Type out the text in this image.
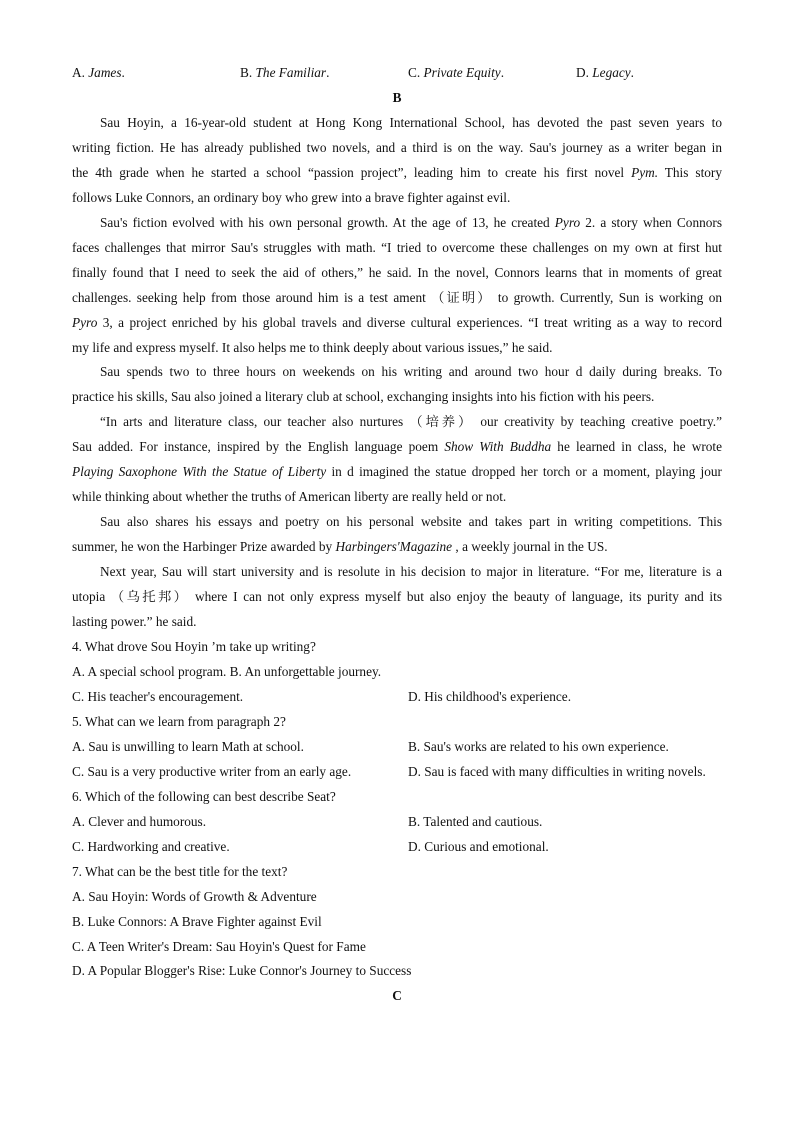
A. James.	B. The Familiar.	C. Private Equity.	D. Legacy.
B
Sau Hoyin, a 16-year-old student at Hong Kong International School, has devoted the past seven years to
writing fiction. He has already published two novels, and a third is on the way. Sau's journey as a writer began in
the 4th grade when he started a school “passion project”, leading him to create his first novel Pym. This story
follows Luke Connors, an ordinary boy who grew into a brave fighter against evil.
Sau's fiction evolved with his own personal growth. At the age of 13, he created Pyro 2. a story when Connors
faces challenges that mirror Sau's struggles with math. “I tried to overcome these challenges on my own at first hut
finally found that I need to seek the aid of others,” he said. In the novel, Connors learns that in moments of great
challenges. seeking help from those around him is a test ament （证明） to growth. Currently, Sun is working on
Pyro 3, a project enriched by his global travels and diverse cultural experiences. “I treat writing as a way to record
my life and express myself. It also helps me to think deeply about various issues,” he said.
Sau spends two to three hours on weekends on his writing and around two hour d daily during breaks. To
practice his skills, Sau also joined a literary club at school, exchanging insights into his fiction with his peers.
“In arts and literature class, our teacher also nurtures （培养） our creativity by teaching creative poetry.”
Sau added. For instance, inspired by the English language poem Show With Buddha he learned in class, he wrote
Playing Saxophone With the Statue of Liberty in d imagined the statue dropped her torch or a moment, playing jour
while thinking about whether the truths of American liberty are really held or not.
Sau also shares his essays and poetry on his personal website and takes part in writing competitions. This
summer, he won the Harbinger Prize awarded by Harbingers'Magazine , a weekly journal in the US.
Next year, Sau will start university and is resolute in his decision to major in literature. “For me, literature is a
utopia （乌托邦） where I can not only express myself but also enjoy the beauty of language, its purity and its
lasting power.” he said.
4. What drove Sou Hoyin ’m take up writing?
A. A special school program. B. An unforgettable journey.
C. His teacher's encouragement.	D. His childhood's experience.
5. What can we learn from paragraph 2?
A. Sau is unwilling to learn Math at school.	B. Sau's works are related to his own experience.
C. Sau is a very productive writer from an early age.	D. Sau is faced with many difficulties in writing novels.
6. Which of the following can best describe Seat?
A. Clever and humorous.	B. Talented and cautious.
C. Hardworking and creative.	D. Curious and emotional.
7. What can be the best title for the text?
A. Sau Hoyin: Words of Growth & Adventure
B. Luke Connors: A Brave Fighter against Evil
C. A Teen Writer's Dream: Sau Hoyin's Quest for Fame
D. A Popular Blogger's Rise: Luke Connor's Journey to Success
C
